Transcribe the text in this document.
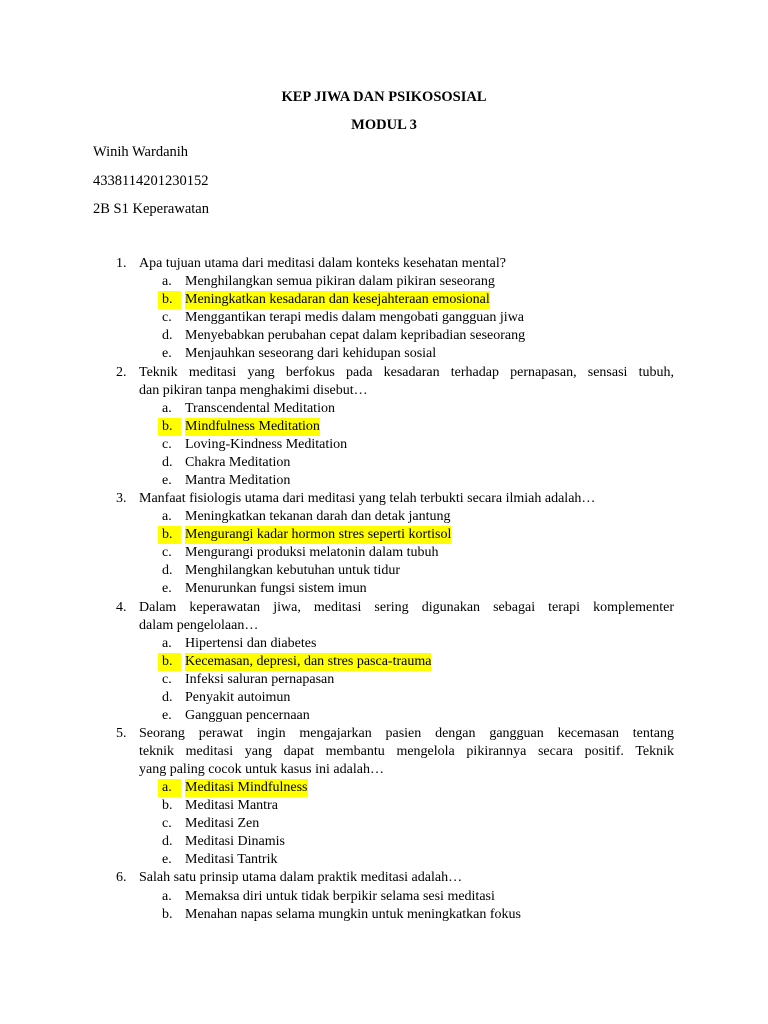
KEP JIWA DAN PSIKOSOSIAL
MODUL 3
Winih Wardanih
4338114201230152
2B S1 Keperawatan
1. Apa tujuan utama dari meditasi dalam konteks kesehatan mental?
a. Menghilangkan semua pikiran dalam pikiran seseorang
b. Meningkatkan kesadaran dan kesejahteraan emosional
c. Menggantikan terapi medis dalam mengobati gangguan jiwa
d. Menyebabkan perubahan cepat dalam kepribadian seseorang
e. Menjauhkan seseorang dari kehidupan sosial
2. Teknik meditasi yang berfokus pada kesadaran terhadap pernapasan, sensasi tubuh,
dan pikiran tanpa menghakimi disebut…
a. Transcendental Meditation
b. Mindfulness Meditation
c. Loving-Kindness Meditation
d. Chakra Meditation
e. Mantra Meditation
3. Manfaat fisiologis utama dari meditasi yang telah terbukti secara ilmiah adalah…
a. Meningkatkan tekanan darah dan detak jantung
b. Mengurangi kadar hormon stres seperti kortisol
c. Mengurangi produksi melatonin dalam tubuh
d. Menghilangkan kebutuhan untuk tidur
e. Menurunkan fungsi sistem imun
4. Dalam keperawatan jiwa, meditasi sering digunakan sebagai terapi komplementer
dalam pengelolaan…
a. Hipertensi dan diabetes
b. Kecemasan, depresi, dan stres pasca-trauma
c. Infeksi saluran pernapasan
d. Penyakit autoimun
e. Gangguan pencernaan
5. Seorang perawat ingin mengajarkan pasien dengan gangguan kecemasan tentang
teknik meditasi yang dapat membantu mengelola pikirannya secara positif. Teknik
yang paling cocok untuk kasus ini adalah…
a. Meditasi Mindfulness
b. Meditasi Mantra
c. Meditasi Zen
d. Meditasi Dinamis
e. Meditasi Tantrik
6. Salah satu prinsip utama dalam praktik meditasi adalah…
a. Memaksa diri untuk tidak berpikir selama sesi meditasi
b. Menahan napas selama mungkin untuk meningkatkan fokus
